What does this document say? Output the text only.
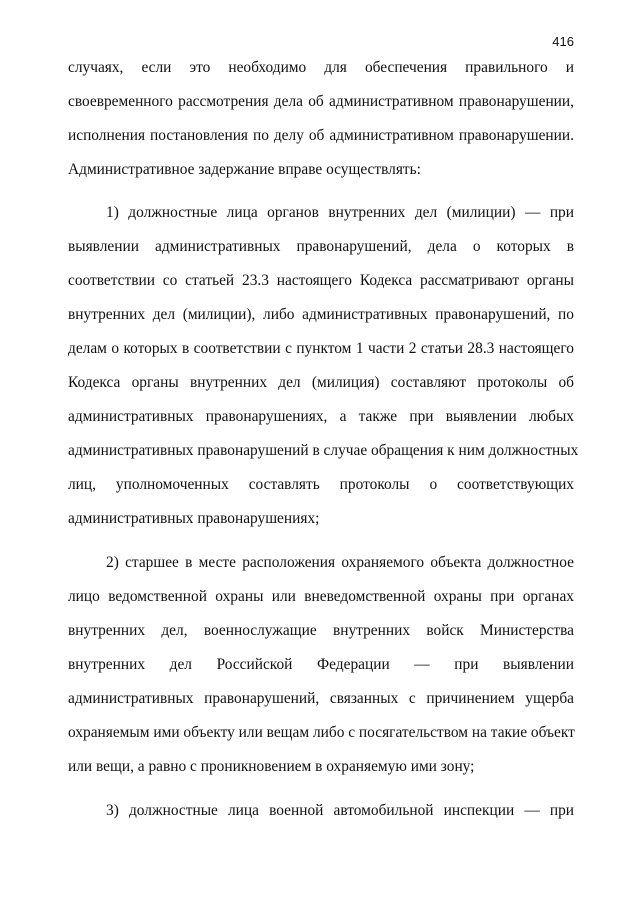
416
случаях, если это необходимо для обеспечения правильного и
своевременного рассмотрения дела об административном правонарушении,
исполнения постановления по делу об административном правонарушении.
Административное задержание вправе осуществлять:
1) должностные лица органов внутренних дел (милиции) — при
выявлении административных правонарушений, дела о которых в
соответствии со статьей 23.3 настоящего Кодекса рассматривают органы
внутренних дел (милиции), либо административных правонарушений, по
делам о которых в соответствии с пунктом 1 части 2 статьи 28.3 настоящего
Кодекса органы внутренних дел (милиция) составляют протоколы об
административных правонарушениях, а также при выявлении любых
административных правонарушений в случае обращения к ним должностных
лиц, уполномоченных составлять протоколы о соответствующих
административных правонарушениях;
2) старшее в месте расположения охраняемого объекта должностное
лицо ведомственной охраны или вневедомственной охраны при органах
внутренних дел, военнослужащие внутренних войск Министерства
внутренних дел Российской Федерации — при выявлении
административных правонарушений, связанных с причинением ущерба
охраняемым ими объекту или вещам либо с посягательством на такие объект
или вещи, а равно с проникновением в охраняемую ими зону;
3) должностные лица военной автомобильной инспекции — при
